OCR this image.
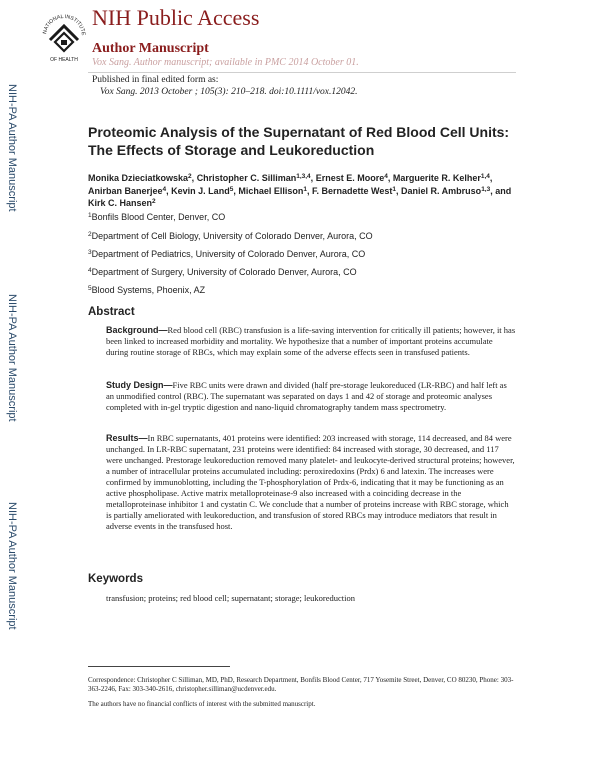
NATIONAL INSTITUTE
OF HEALTH
NIH Public Access
Author Manuscript
Vox Sang. Author manuscript; available in PMC 2014 October 01.
Published in final edited form as:
Vox Sang. 2013 October ; 105(3): 210–218. doi:10.1111/vox.12042.
NIH-PA Author Manuscript
NIH-PA Author Manuscript
NIH-PA Author Manuscript
Proteomic Analysis of the Supernatant of Red Blood Cell Units:
The Effects of Storage and Leukoreduction
Monika Dzieciatkowska$^2$, Christopher C. Silliman$^{1,3,4}$, Ernest E. Moore$^4$, Marguerite R. Kelher$^{1,4}$, Anirban Banerjee$^4$, Kevin J. Land$^5$, Michael Ellison$^1$, F. Bernadette West$^1$, Daniel R. Ambruso$^{1,3}$, and Kirk C. Hansen$^2$
$^1$Bonfils Blood Center, Denver, CO
$^2$Department of Cell Biology, University of Colorado Denver, Aurora, CO
$^3$Department of Pediatrics, University of Colorado Denver, Aurora, CO
$^4$Department of Surgery, University of Colorado Denver, Aurora, CO
$^5$Blood Systems, Phoenix, AZ
Abstract
Background—Red blood cell (RBC) transfusion is a life-saving intervention for critically ill patients; however, it has been linked to increased morbidity and mortality. We hypothesize that a number of important proteins accumulate during routine storage of RBCs, which may explain some of the adverse effects seen in transfused patients.
Study Design—Five RBC units were drawn and divided (half pre-storage leukoreduced (LR-RBC) and half left as an unmodified control (RBC). The supernatant was separated on days 1 and 42 of storage and proteomic analyses completed with in-gel tryptic digestion and nano-liquid chromatography tandem mass spectrometry.
Results—In RBC supernatants, 401 proteins were identified: 203 increased with storage, 114 decreased, and 84 were unchanged. In LR-RBC supernatant, 231 proteins were identified: 84 increased with storage, 30 decreased, and 117 were unchanged. Prestorage leukoreduction removed many platelet- and leukocyte-derived structural proteins; however, a number of intracellular proteins accumulated including: peroxiredoxins (Prdx) 6 and latexin. The increases were confirmed by immunoblotting, including the T-phosphorylation of Prdx-6, indicating that it may be functioning as an active phospholipase. Active matrix metalloproteinase-9 also increased with a coinciding decrease in the metalloproteinase inhibitor 1 and cystatin C. We conclude that a number of proteins increase with RBC storage, which is partially ameliorated with leukoreduction, and transfusion of stored RBCs may introduce mediators that result in adverse events in the transfused host.
Keywords
transfusion; proteins; red blood cell; supernatant; storage; leukoreduction
Correspondence: Christopher C Silliman, MD, PhD, Research Department, Bonfils Blood Center, 717 Yosemite Street, Denver, CO 80230, Phone: 303-363-2246, Fax: 303-340-2616, christopher.silliman@ucdenver.edu.
The authors have no financial conflicts of interest with the submitted manuscript.
